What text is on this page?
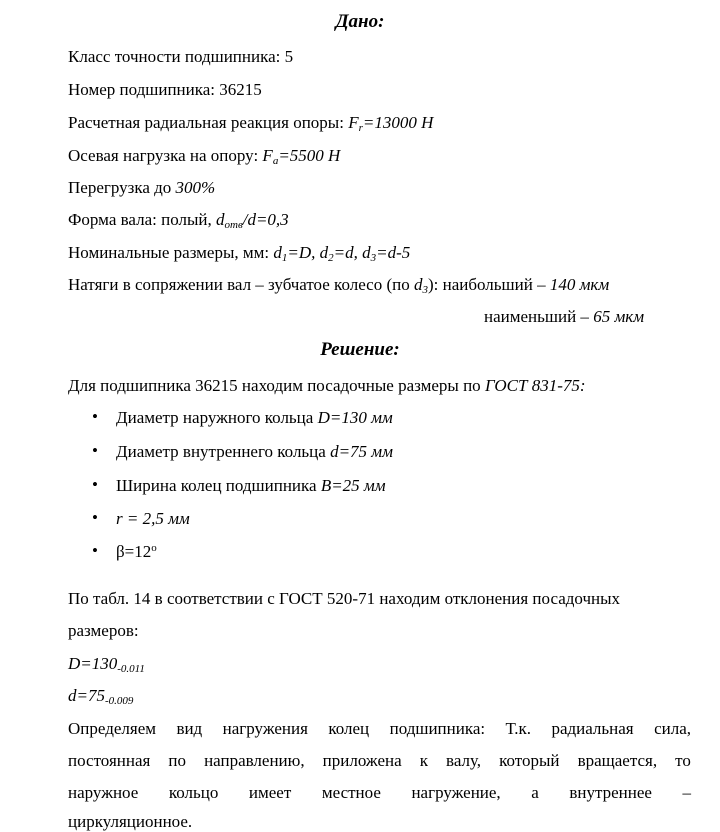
Дано:
Класс точности подшипника: 5
Номер подшипника: 36215
Расчетная радиальная реакция опоры: $F_r=13000$ Н
Осевая нагрузка на опору: $F_a=5500$ Н
Перегрузка до 300%
Форма вала: полый, $d_{отв}/d=0,3$
Номинальные размеры, мм: $d_1=D$, $d_2=d$, $d_3=d-5$
Натяги в сопряжении вал – зубчатое колесо (по $d_3$): наибольший – 140 мкм
наименьший – 65 мкм
Решение:
Для подшипника 36215 находим посадочные размеры по ГОСТ 831-75:
• Диаметр наружного кольца D=130 мм
• Диаметр внутреннего кольца d=75 мм
• Ширина колец подшипника B=25 мм
• r = 2,5 мм
• $\beta=12^o$
По табл. 14 в соответствии с ГОСТ 520-71 находим отклонения посадочных
размеров:
$D=130_{-0.011}$
$d=75_{-0.009}$
Определяем вид нагружения колец подшипника: Т.к. радиальная сила,
постоянная по направлению, приложена к валу, который вращается, то
наружное кольцо имеет местное нагружение, а внутреннее –
циркуляционное.
